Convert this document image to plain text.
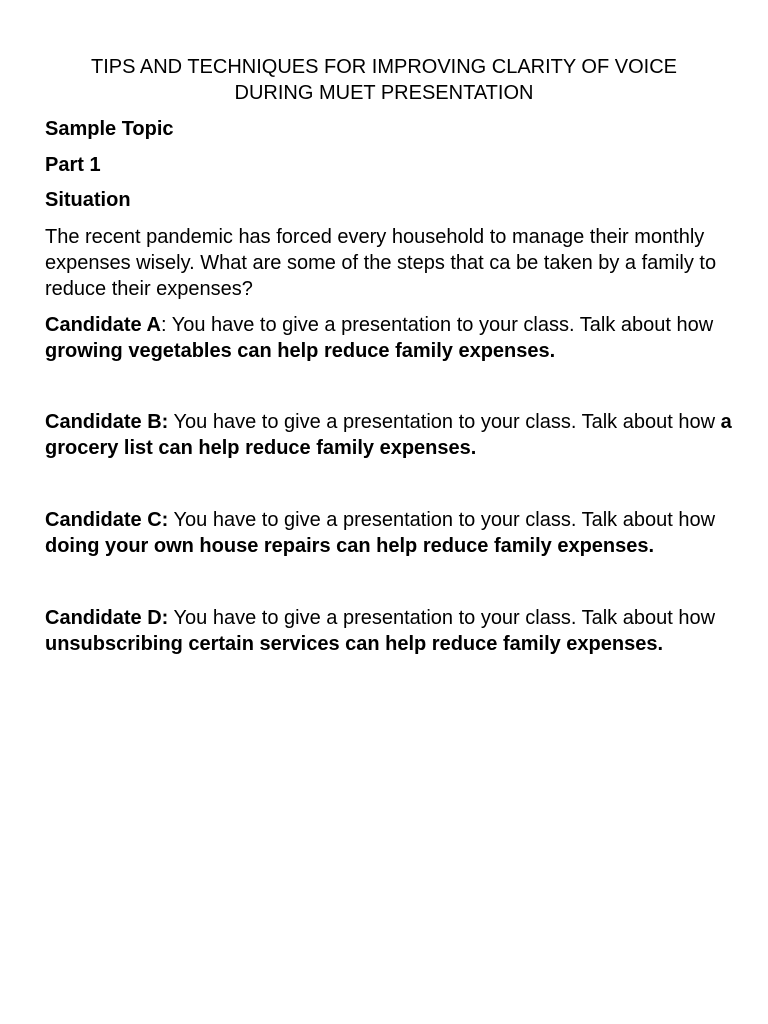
TIPS AND TECHNIQUES FOR IMPROVING CLARITY OF VOICE
DURING MUET PRESENTATION
Sample Topic
Part 1
Situation

The recent pandemic has forced every household to manage their monthly expenses wisely. What are some of the steps that ca be taken by a family to reduce their expenses?

Candidate A: You have to give a presentation to your class. Talk about how growing vegetables can help reduce family expenses.

Candidate B: You have to give a presentation to your class. Talk about how a grocery list can help reduce family expenses.

Candidate C: You have to give a presentation to your class. Talk about how doing your own house repairs can help reduce family expenses.

Candidate D: You have to give a presentation to your class. Talk about how unsubscribing certain services can help reduce family expenses.
